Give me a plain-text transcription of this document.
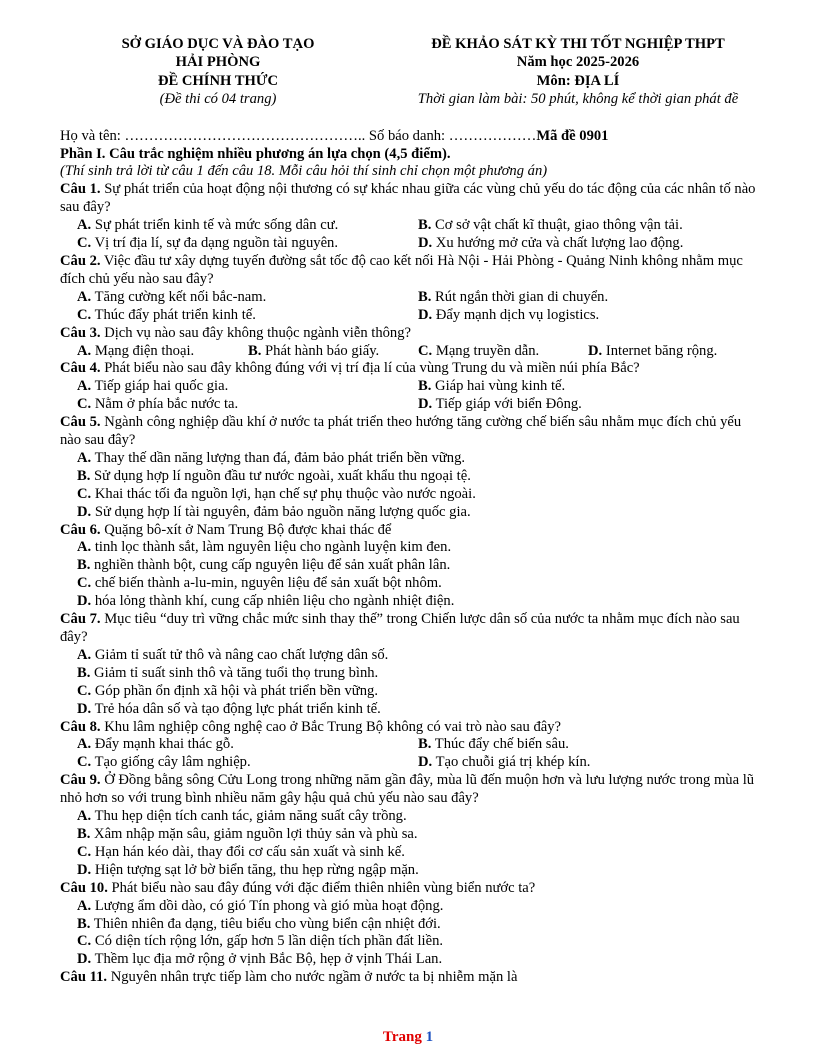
SỞ GIÁO DỤC VÀ ĐÀO TẠO
HẢI PHÒNG
ĐỀ CHÍNH THỨC
(Đề thi có 04 trang)
ĐỀ KHẢO SÁT KỲ THI TỐT NGHIỆP THPT
Năm học 2025-2026
Môn: ĐỊA LÍ
Thời gian làm bài: 50 phút, không kể thời gian phát đề
Họ và tên: ………………………………………….. Số báo danh: ………………Mã đề 0901
Phần I. Câu trắc nghiệm nhiều phương án lựa chọn (4,5 điểm).
(Thí sinh trả lời từ câu 1 đến câu 18. Mỗi câu hỏi thí sinh chỉ chọn một phương án)
Câu 1. Sự phát triển của hoạt động nội thương có sự khác nhau giữa các vùng chủ yếu do tác động của các nhân tố nào sau đây?
A. Sự phát triển kinh tế và mức sống dân cư.	B. Cơ sở vật chất kĩ thuật, giao thông vận tải.
C. Vị trí địa lí, sự đa dạng nguồn tài nguyên.	D. Xu hướng mở cửa và chất lượng lao động.
Câu 2. Việc đầu tư xây dựng tuyến đường sắt tốc độ cao kết nối Hà Nội - Hải Phòng - Quảng Ninh không nhằm mục đích chủ yếu nào sau đây?
A. Tăng cường kết nối bắc-nam.	B. Rút ngắn thời gian di chuyển.
C. Thúc đẩy phát triển kinh tế.	D. Đẩy mạnh dịch vụ logistics.
Câu 3. Dịch vụ nào sau đây không thuộc ngành viễn thông?
A. Mạng điện thoại.	B. Phát hành báo giấy.	C. Mạng truyền dẫn.	D. Internet băng rộng.
Câu 4. Phát biểu nào sau đây không đúng với vị trí địa lí của vùng Trung du và miền núi phía Bắc?
A. Tiếp giáp hai quốc gia.	B. Giáp hai vùng kinh tế.
C. Nằm ở phía bắc nước ta.	D. Tiếp giáp với biển Đông.
Câu 5. Ngành công nghiệp dầu khí ở nước ta phát triển theo hướng tăng cường chế biến sâu nhằm mục đích chủ yếu nào sau đây?
A. Thay thế dần năng lượng than đá, đảm bảo phát triển bền vững.
B. Sử dụng hợp lí nguồn đầu tư nước ngoài, xuất khẩu thu ngoại tệ.
C. Khai thác tối đa nguồn lợi, hạn chế sự phụ thuộc vào nước ngoài.
D. Sử dụng hợp lí tài nguyên, đảm bảo nguồn năng lượng quốc gia.
Câu 6. Quặng bô-xít ở Nam Trung Bộ được khai thác để
A. tinh lọc thành sắt, làm nguyên liệu cho ngành luyện kim đen.
B. nghiền thành bột, cung cấp nguyên liệu để sản xuất phân lân.
C. chế biến thành a-lu-min, nguyên liệu để sản xuất bột nhôm.
D. hóa lỏng thành khí, cung cấp nhiên liệu cho ngành nhiệt điện.
Câu 7. Mục tiêu “duy trì vững chắc mức sinh thay thế” trong Chiến lược dân số của nước ta nhằm mục đích nào sau đây?
A. Giảm tỉ suất tử thô và nâng cao chất lượng dân số.
B. Giảm tỉ suất sinh thô và tăng tuổi thọ trung bình.
C. Góp phần ổn định xã hội và phát triển bền vững.
D. Trẻ hóa dân số và tạo động lực phát triển kinh tế.
Câu 8. Khu lâm nghiệp công nghệ cao ở Bắc Trung Bộ không có vai trò nào sau đây?
A. Đẩy mạnh khai thác gỗ.	B. Thúc đẩy chế biến sâu.
C. Tạo giống cây lâm nghiệp.	D. Tạo chuỗi giá trị khép kín.
Câu 9. Ở Đồng bằng sông Cửu Long trong những năm gần đây, mùa lũ đến muộn hơn và lưu lượng nước trong mùa lũ nhỏ hơn so với trung bình nhiều năm gây hậu quả chủ yếu nào sau đây?
A. Thu hẹp diện tích canh tác, giảm năng suất cây trồng.
B. Xâm nhập mặn sâu, giảm nguồn lợi thủy sản và phù sa.
C. Hạn hán kéo dài, thay đổi cơ cấu sản xuất và sinh kế.
D. Hiện tượng sạt lở bờ biển tăng, thu hẹp rừng ngập mặn.
Câu 10. Phát biểu nào sau đây đúng với đặc điểm thiên nhiên vùng biển nước ta?
A. Lượng ẩm dồi dào, có gió Tín phong và gió mùa hoạt động.
B. Thiên nhiên đa dạng, tiêu biểu cho vùng biển cận nhiệt đới.
C. Có diện tích rộng lớn, gấp hơn 5 lần diện tích phần đất liền.
D. Thềm lục địa mở rộng ở vịnh Bắc Bộ, hẹp ở vịnh Thái Lan.
Câu 11. Nguyên nhân trực tiếp làm cho nước ngầm ở nước ta bị nhiễm mặn là
Trang 1
